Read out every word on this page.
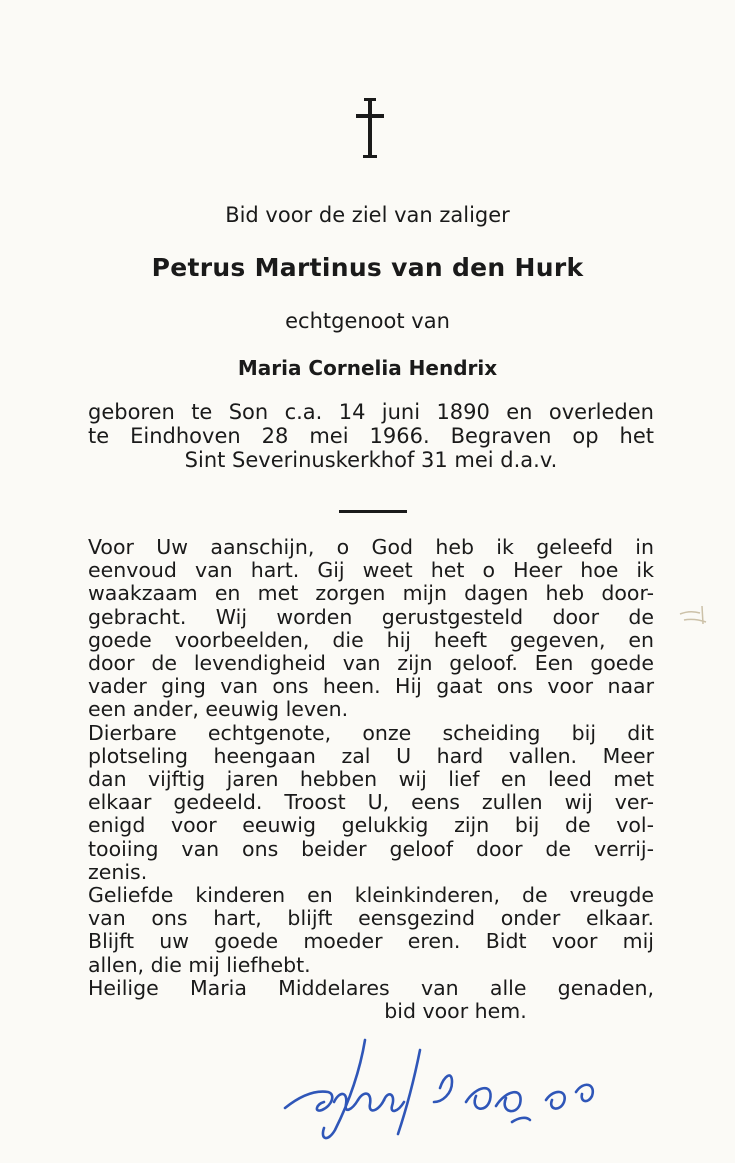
Bid voor de ziel van zaliger
Petrus Martinus van den Hurk
echtgenoot van
Maria Cornelia Hendrix
geboren te Son c.a. 14 juni 1890 en overleden
te Eindhoven 28 mei 1966. Begraven op het
Sint Severinuskerkhof 31 mei d.a.v.
Voor Uw aanschijn, o God heb ik geleefd in
eenvoud van hart. Gij weet het o Heer hoe ik
waakzaam en met zorgen mijn dagen heb door-
gebracht. Wij worden gerustgesteld door de
goede voorbeelden, die hij heeft gegeven, en
door de levendigheid van zijn geloof. Een goede
vader ging van ons heen. Hij gaat ons voor naar
een ander, eeuwig leven.
Dierbare echtgenote, onze scheiding bij dit
plotseling heengaan zal U hard vallen. Meer
dan vijftig jaren hebben wij lief en leed met
elkaar gedeeld. Troost U, eens zullen wij ver-
enigd voor eeuwig gelukkig zijn bij de vol-
tooiing van ons beider geloof door de verrij-
zenis.
Geliefde kinderen en kleinkinderen, de vreugde
van ons hart, blijft eensgezind onder elkaar.
Blijft uw goede moeder eren. Bidt voor mij
allen, die mij liefhebt.
Heilige Maria Middelares van alle genaden,
bid voor hem.
